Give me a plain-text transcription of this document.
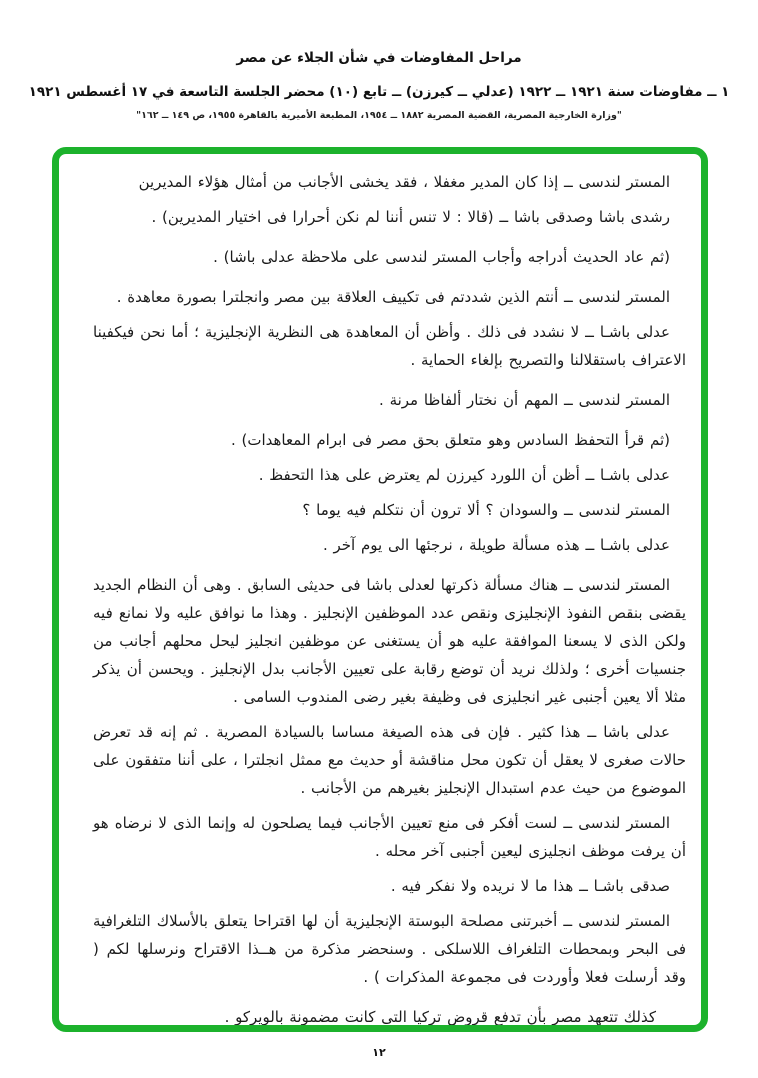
مراحل المفاوضات في شأن الجلاء عن مصر
١ ــ مفاوضات سنة ١٩٢١ ــ ١٩٢٢ (عدلي ــ كيرزن) ــ تابع (١٠) محضر الجلسة التاسعة في ١٧ أغسطس ١٩٢١
"وزارة الخارجية المصرية، القضية المصرية ١٨٨٢ ــ ١٩٥٤، المطبعة الأميرية بالقاهرة ١٩٥٥، ص ١٤٩ ــ ١٦٢"

المستر لندسى ــ إذا كان المدير مغفلا ، فقد يخشى الأجانب من أمثال هؤلاء المديرين

رشدى باشا وصدقى باشا ــ (قالا : لا تنس أننا لم نكن أحرارا فى اختيار المديرين) .

(ثم عاد الحديث أدراجه وأجاب المستر لندسى على ملاحظة عدلى باشا) .

المستر لندسى ــ أنتم الذين شددتم فى تكييف العلاقة بين مصر وانجلترا بصورة معاهدة .

عدلى باشـا ــ لا نشدد فى ذلك . وأظن أن المعاهدة هى النظرية الإنجليزية ؛ أما نحن فيكفينا الاعتراف باستقلالنا والتصريح بإلغاء الحماية .

المستر لندسى ــ المهم أن نختار ألفاظا مرنة .

(ثم قرأ التحفظ السادس وهو متعلق بحق مصر فى ابرام المعاهدات) .

عدلى باشـا ــ أظن أن اللورد كيرزن لم يعترض على هذا التحفظ .

المستر لندسى ــ والسودان ؟ ألا ترون أن نتكلم فيه يوما ؟

عدلى باشـا ــ هذه مسألة طويلة ، نرجئها الى يوم آخر .

المستر لندسى ــ هناك مسألة ذكرتها لعدلى باشا فى حديثى السابق . وهى أن النظام الجديد يقضى بنقص النفوذ الإنجليزى ونقص عدد الموظفين الإنجليز . وهذا ما نوافق عليه ولا نمانع فيه ولكن الذى لا يسعنا الموافقة عليه هو أن يستغنى عن موظفين انجليز ليحل محلهم أجانب من جنسيات أخرى ؛ ولذلك نريد أن توضع رقابة على تعيين الأجانب بدل الإنجليز . ويحسن أن يذكر مثلا ألا يعين أجنبى غير انجليزى فى وظيفة بغير رضى المندوب السامى .

عدلى باشا ــ هذا كثير . فإن فى هذه الصيغة مساسا بالسيادة المصرية . ثم إنه قد تعرض حالات صغرى لا يعقل أن تكون محل مناقشة أو حديث مع ممثل انجلترا ، على أننا متفقون على الموضوع من حيث عدم استبدال الإنجليز بغيرهم من الأجانب .

المستر لندسى ــ لست أفكر فى منع تعيين الأجانب فيما يصلحون له وإنما الذى لا نرضاه هو أن يرفت موظف انجليزى ليعين أجنبى آخر محله .

صدقى باشـا ــ هذا ما لا نريده ولا نفكر فيه .

المستر لندسى ــ أخبرتنى مصلحة البوستة الإنجليزية أن لها اقتراحا يتعلق بالأسلاك التلغرافية فى البحر وبمحطات التلغراف اللاسلكى . وسنحضر مذكرة من هــذا الاقتراح ونرسلها لكم ( وقد أرسلت فعلا وأوردت فى مجموعة المذكرات ) .

كذلك تتعهد مصر بأن تدفع قروض تركيا التى كانت مضمونة بالويركو .

١٢
